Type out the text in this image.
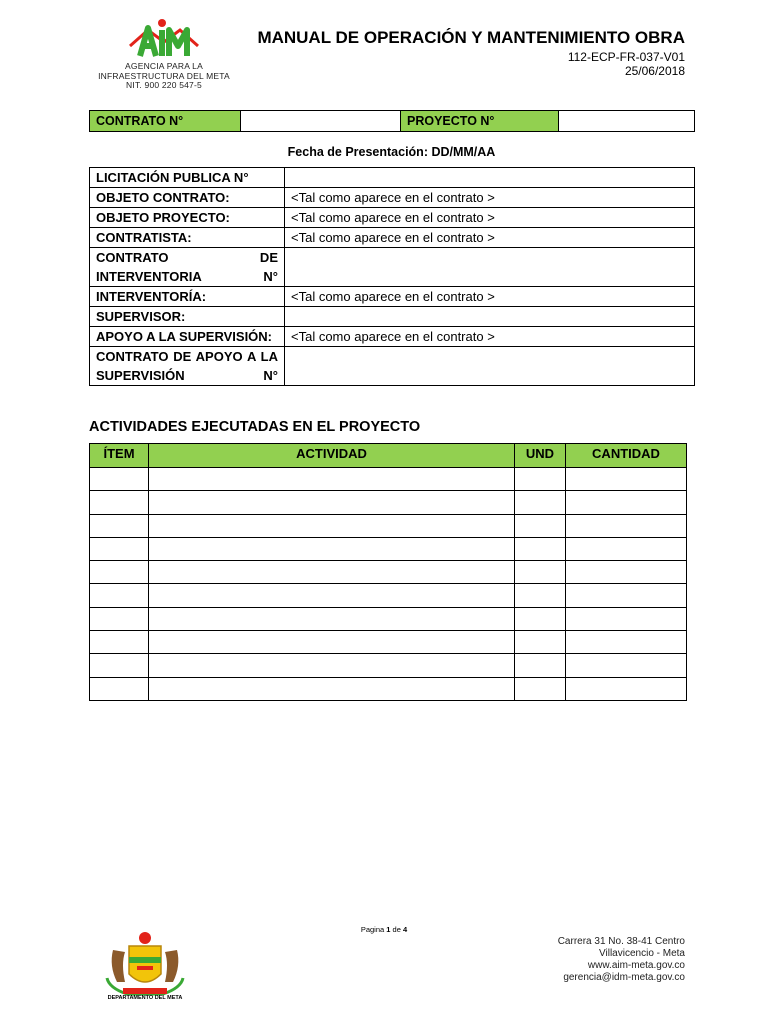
AGENCIA PARA LA
INFRAESTRUCTURA DEL META
NIT. 900 220 547-5
MANUAL DE OPERACIÓN Y MANTENIMIENTO OBRA
112-ECP-FR-037-V01
25/06/2018
CONTRATO N°		PROYECTO N°	
Fecha de Presentación: DD/MM/AA
LICITACIÓN PUBLICA N°	
OBJETO CONTRATO:	<Tal como aparece en el contrato >
OBJETO PROYECTO:	<Tal como aparece en el contrato >
CONTRATISTA:	<Tal como aparece en el contrato >
CONTRATO DE INTERVENTORIA N°	
INTERVENTORÍA:	<Tal como aparece en el contrato >
SUPERVISOR:	
APOYO A LA SUPERVISIÓN:	<Tal como aparece en el contrato >
CONTRATO DE APOYO A LA SUPERVISIÓN N°	
ACTIVIDADES EJECUTADAS EN EL PROYECTO
ÍTEM	ACTIVIDAD	UND	CANTIDAD

Pagina 1 de 4
DEPARTAMENTO DEL META
Carrera 31 No. 38-41 Centro
Villavicencio - Meta
www.aim-meta.gov.co
gerencia@idm-meta.gov.co
